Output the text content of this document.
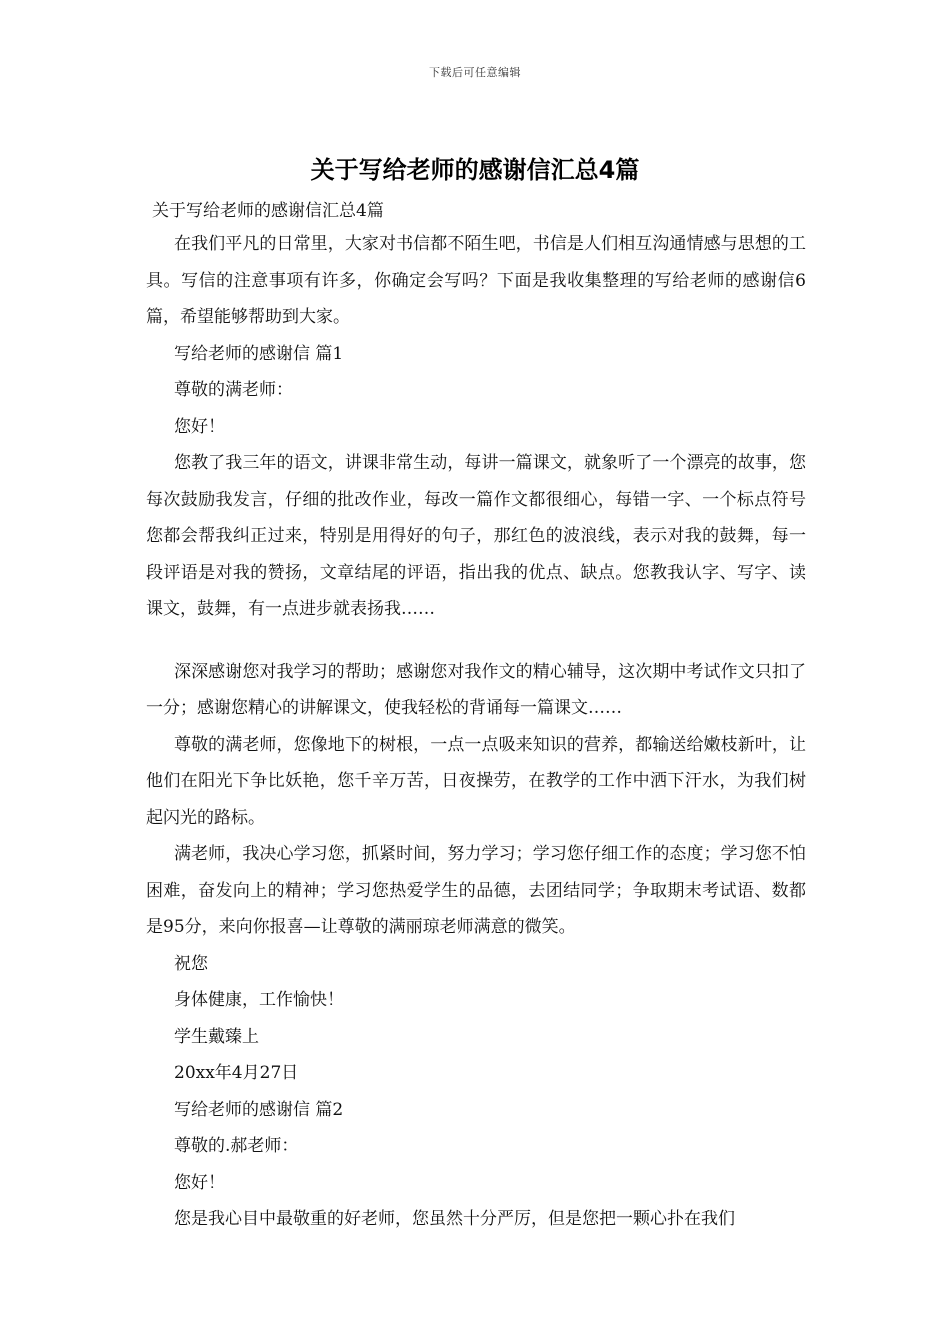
下载后可任意编辑
关于写给老师的感谢信汇总4篇

关于写给老师的感谢信汇总4篇

在我们平凡的日常里，大家对书信都不陌生吧，书信是人们相互沟通情感与思想的工具。写信的注意事项有许多，你确定会写吗？下面是我收集整理的写给老师的感谢信6篇，希望能够帮助到大家。

写给老师的感谢信 篇1

尊敬的满老师：

您好！

您教了我三年的语文，讲课非常生动，每讲一篇课文，就象听了一个漂亮的故事，您每次鼓励我发言，仔细的批改作业，每改一篇作文都很细心，每错一字、一个标点符号您都会帮我纠正过来，特别是用得好的句子，那红色的波浪线，表示对我的鼓舞，每一段评语是对我的赞扬，文章结尾的评语，指出我的优点、缺点。您教我认字、写字、读课文，鼓舞，有一点进步就表扬我……

深深感谢您对我学习的帮助；感谢您对我作文的精心辅导，这次期中考试作文只扣了一分；感谢您精心的讲解课文，使我轻松的背诵每一篇课文……

尊敬的满老师，您像地下的树根，一点一点吸来知识的营养，都输送给嫩枝新叶，让他们在阳光下争比妖艳，您千辛万苦，日夜操劳，在教学的工作中洒下汗水，为我们树起闪光的路标。

满老师，我决心学习您，抓紧时间，努力学习；学习您仔细工作的态度；学习您不怕困难，奋发向上的精神；学习您热爱学生的品德，去团结同学；争取期末考试语、数都是95分，来向你报喜—让尊敬的满丽琼老师满意的微笑。

祝您

身体健康，工作愉快！

学生戴臻上

20xx年4月27日

写给老师的感谢信 篇2

尊敬的.郝老师：

您好！

您是我心目中最敬重的好老师，您虽然十分严厉，但是您把一颗心扑在我们
